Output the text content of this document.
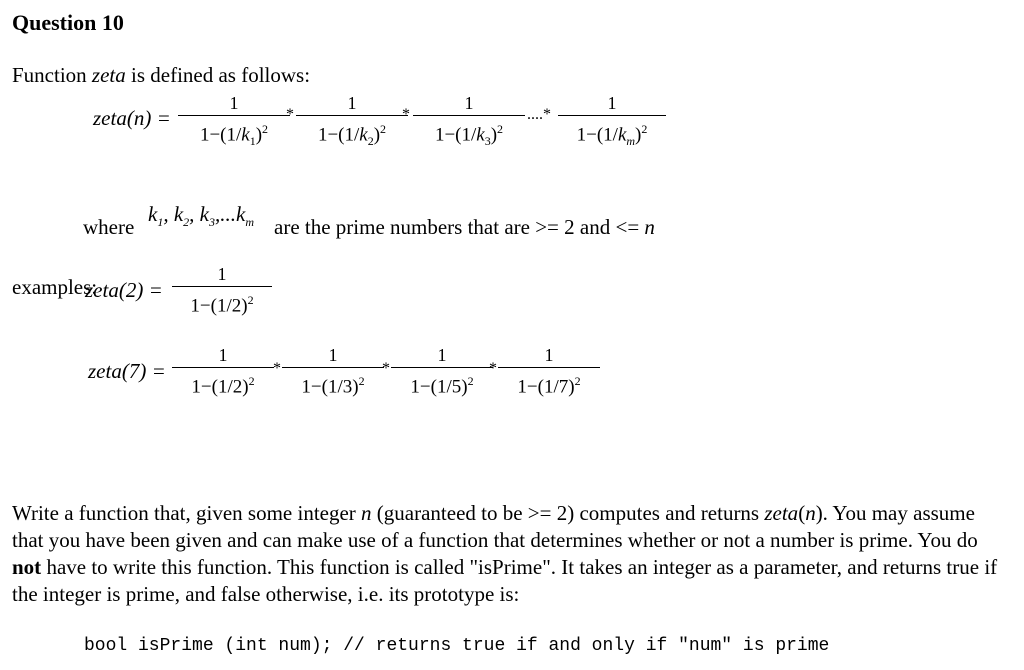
Question 10
Function zeta is defined as follows:
zeta(n) =
1
$1-(1/k_1)^2$
*
1
$1-(1/k_2)^2$
*
1
$1-(1/k_3)^2$
....*
1
$1-(1/k_m)^2$
where
$k_1$, $k_2$, $k_3,...k_m$ are the prime numbers that are >= 2 and <= n
examples:
zeta(2) =
1
$1-(1/2)^2$
zeta(7) =
1
$1-(1/2)^2$
*
1
$1-(1/3)^2$
*
1
$1-(1/5)^2$
*
1
$1-(1/7)^2$
Write a function that, given some integer n (guaranteed to be >= 2) computes and returns zeta(n). You may assume that you have been given and can make use of a function that determines whether or not a number is prime. You do not have to write this function. This function is called "isPrime". It takes an integer as a parameter, and returns true if the integer is prime, and false otherwise, i.e. its prototype is:
bool isPrime (int num); // returns true if and only if "num" is prime
